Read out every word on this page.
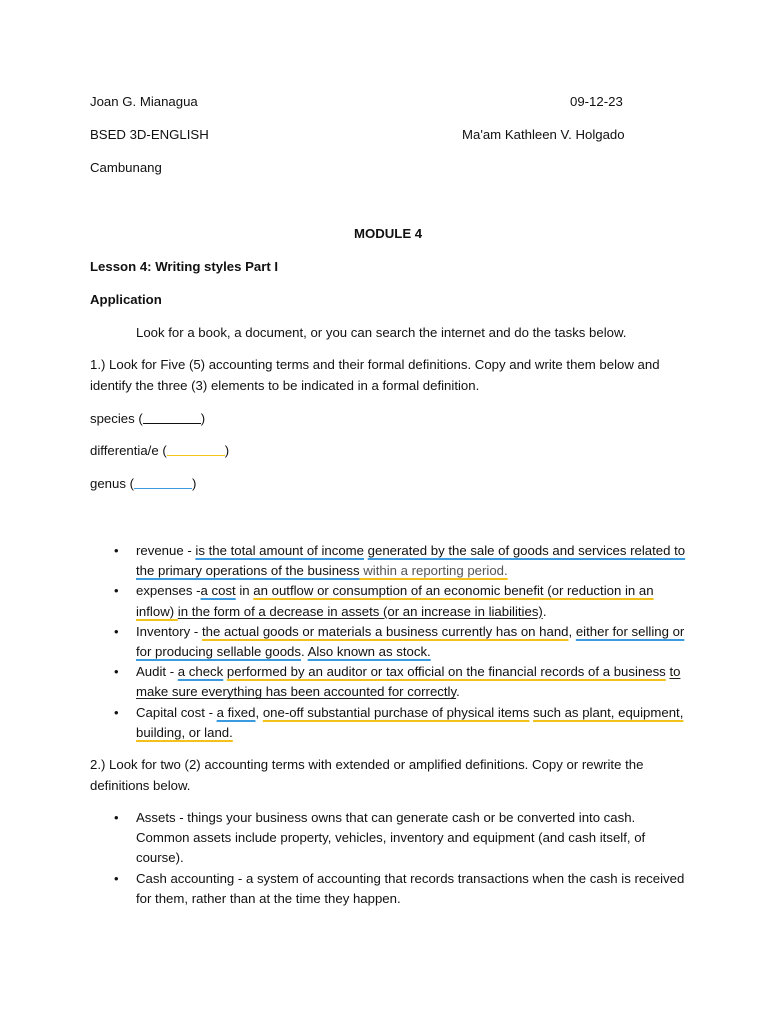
Joan G. Mianagua	09-12-23
BSED 3D-ENGLISH	Ma'am Kathleen V. Holgado
Cambunang
MODULE 4
Lesson 4: Writing styles Part I
Application
Look for a book, a document, or you can search the internet and do the tasks below.
1.) Look for Five (5) accounting terms and their formal definitions. Copy and write them below and identify the three (3) elements to be indicated in a formal definition.
species (	)
differentia/e (	)
genus (	)
• revenue - is the total amount of income generated by the sale of goods and services related to the primary operations of the business within a reporting period.
• expenses -a cost in an outflow or consumption of an economic benefit (or reduction in an inflow) in the form of a decrease in assets (or an increase in liabilities).
• Inventory - the actual goods or materials a business currently has on hand, either for selling or for producing sellable goods. Also known as stock.
• Audit - a check performed by an auditor or tax official on the financial records of a business to make sure everything has been accounted for correctly.
• Capital cost - a fixed, one-off substantial purchase of physical items such as plant, equipment, building, or land.
2.) Look for two (2) accounting terms with extended or amplified definitions. Copy or rewrite the definitions below.
• Assets - things your business owns that can generate cash or be converted into cash. Common assets include property, vehicles, inventory and equipment (and cash itself, of course).
• Cash accounting - a system of accounting that records transactions when the cash is received for them, rather than at the time they happen.
